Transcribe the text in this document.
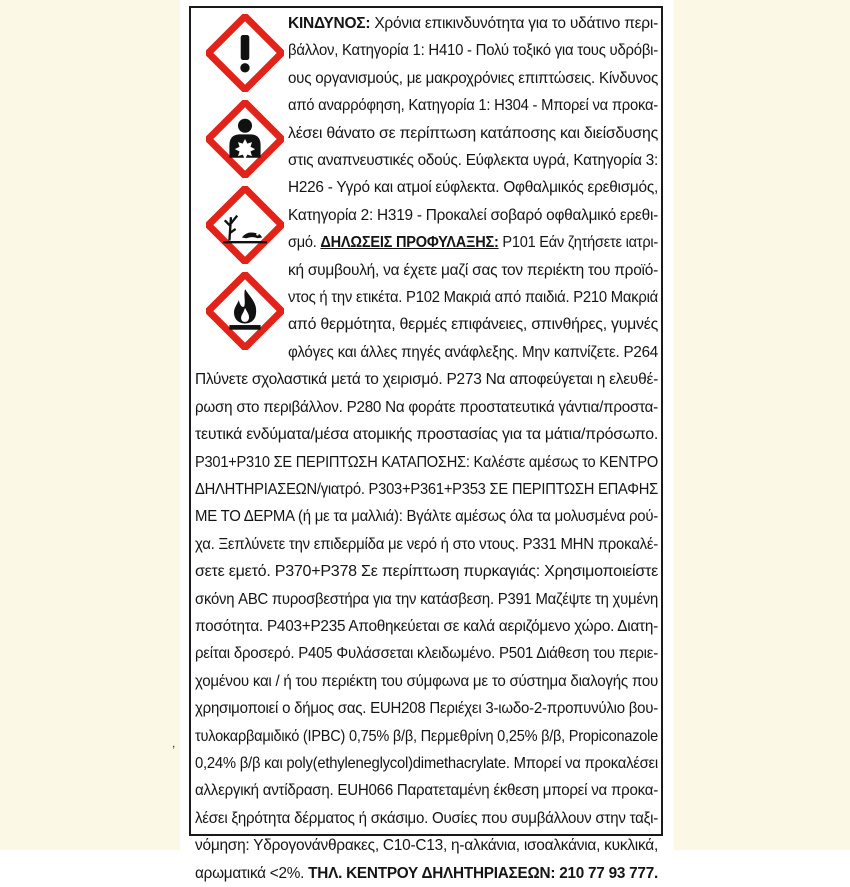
,
ΚΙΝΔΥΝΟΣ: Χρόνια επικινδυνότητα για το υδάτινο περι-
βάλλον, Κατηγορία 1: Η410 - Πολύ τοξικό για τους υδρόβι-
ους οργανισμούς, με μακροχρόνιες επιπτώσεις. Κίνδυνος
από αναρρόφηση, Κατηγορία 1: Η304 - Μπορεί να προκα-
λέσει θάνατο σε περίπτωση κατάποσης και διείσδυσης
στις αναπνευστικές οδούς. Εύφλεκτα υγρά, Κατηγορία 3:
Η226 - Υγρό και ατμοί εύφλεκτα. Οφθαλμικός ερεθισμός,
Κατηγορία 2: Η319 - Προκαλεί σοβαρό οφθαλμικό ερεθι-
σμό. ΔΗΛΩΣΕΙΣ ΠΡΟΦΥΛΑΞΗΣ: Ρ101 Εάν ζητήσετε ιατρι-
κή συμβουλή, να έχετε μαζί σας τον περιέκτη του προϊό-
ντος ή την ετικέτα. Ρ102 Μακριά από παιδιά. Ρ210 Μακριά
από θερμότητα, θερμές επιφάνειες, σπινθήρες, γυμνές
φλόγες και άλλες πηγές ανάφλεξης. Μην καπνίζετε. Ρ264
Πλύνετε σχολαστικά μετά το χειρισμό. Ρ273 Να αποφεύγεται η ελευθέ-
ρωση στο περιβάλλον. Ρ280 Να φοράτε προστατευτικά γάντια/προστα-
τευτικά ενδύματα/μέσα ατομικής προστασίας για τα μάτια/πρόσωπο.
Ρ301+Ρ310 ΣΕ ΠΕΡΙΠΤΩΣΗ ΚΑΤΑΠΟΣΗΣ: Καλέστε αμέσως το ΚΕΝΤΡΟ
ΔΗΛΗΤΗΡΙΑΣΕΩΝ/γιατρό. Ρ303+Ρ361+Ρ353 ΣΕ ΠΕΡΙΠΤΩΣΗ ΕΠΑΦΗΣ
ΜΕ ΤΟ ΔΕΡΜΑ (ή με τα μαλλιά): Βγάλτε αμέσως όλα τα μολυσμένα ρού-
χα. Ξεπλύνετε την επιδερμίδα με νερό ή στο ντους. Ρ331 ΜΗΝ προκαλέ-
σετε εμετό. Ρ370+Ρ378 Σε περίπτωση πυρκαγιάς: Χρησιμοποιείστε
σκόνη ABC πυροσβεστήρα για την κατάσβεση. Ρ391 Μαζέψτε τη χυμένη
ποσότητα. Ρ403+Ρ235 Αποθηκεύεται σε καλά αεριζόμενο χώρο. Διατη-
ρείται δροσερό. Ρ405 Φυλάσσεται κλειδωμένο. Ρ501 Διάθεση του περιε-
χομένου και / ή του περιέκτη του σύμφωνα με το σύστημα διαλογής που
χρησιμοποιεί ο δήμος σας. EUH208 Περιέχει 3-ιωδο-2-προπυνύλιο βου-
τυλοκαρβαμιδικό (IPBC) 0,75% β/β, Περμεθρίνη 0,25% β/β, Propiconazole
0,24% β/β και poly(ethyleneglycol)dimethacrylate. Μπορεί να προκαλέσει
αλλεργική αντίδραση. EUH066 Παρατεταμένη έκθεση μπορεί να προκα-
λέσει ξηρότητα δέρματος ή σκάσιμο. Ουσίες που συμβάλλουν στην ταξι-
νόμηση: Υδρογονάνθρακες, C10-C13, η-αλκάνια, ισοαλκάνια, κυκλικά,
αρωματικά <2%. ΤΗΛ. ΚΕΝΤΡΟΥ ΔΗΛΗΤΗΡΙΑΣΕΩΝ: 210 77 93 777.
